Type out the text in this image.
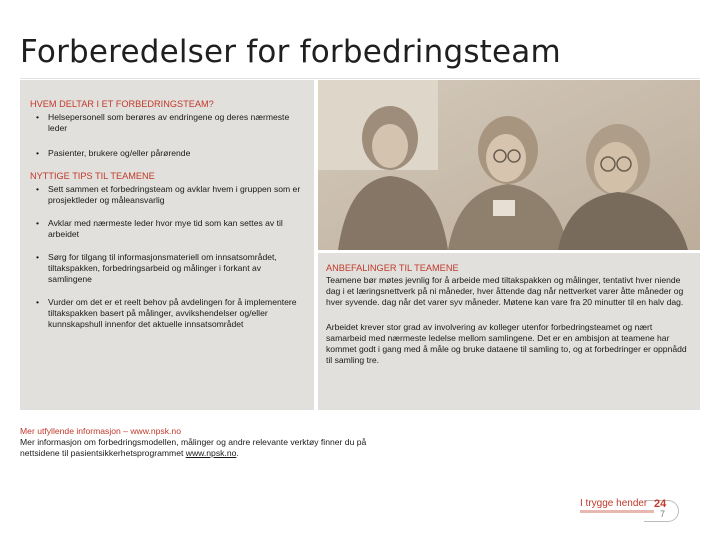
Forberedelser for forbedringsteam
HVEM DELTAR I ET FORBEDRINGSTEAM?
• Helsepersonell som berøres av endringene og deres nærmeste leder
• Pasienter, brukere og/eller pårørende
NYTTIGE TIPS TIL TEAMENE
• Sett sammen et forbedringsteam og avklar hvem i gruppen som er prosjektleder og måleansvarlig
• Avklar med nærmeste leder hvor mye tid som kan settes av til arbeidet
• Sørg for tilgang til informasjonsmateriell om innsatsområdet, tiltakspakken, forbedringsarbeid og målinger i forkant av samlingene
• Vurder om det er et reelt behov på avdelingen for å implementere tiltakspakken basert på målinger, avvikshendelser og/eller kunnskapshull innenfor det aktuelle innsatsområdet
ANBEFALINGER TIL TEAMENE

Teamene bør møtes jevnlig for å arbeide med tiltakspakken og målinger, tentativt hver niende dag i et læringsnettverk på ni måneder, hver åttende dag når nettverket varer åtte måneder og hver syvende. dag når det varer syv måneder. Møtene kan vare fra 20 minutter til en halv dag.

Arbeidet krever stor grad av involvering av kolleger utenfor forbedringsteamet og nært samarbeid med nærmeste ledelse mellom samlingene. Det er en ambisjon at teamene har kommet godt i gang med å måle og bruke dataene til samling to, og at forbedringer er oppnådd til samling tre.

Mer utfyllende informasjon – www.npsk.no
Mer informasjon om forbedringsmodellen, målinger og andre relevante verktøy finner du på nettsidene til pasientsikkerhetsprogrammet www.npsk.no.
I trygge hender 24
7
